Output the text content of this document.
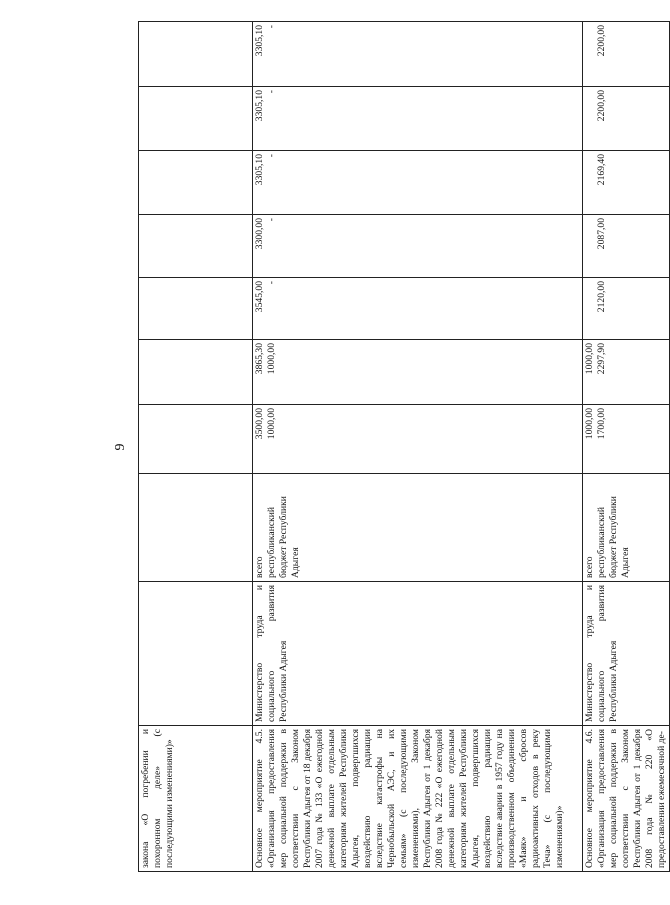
9
закона «О погребении и похоронном деле» (с последующими изменениями)»			

Основное мероприятие 4.5. «Организация предоставления мер социальной поддержки в соответствии с Законом Республики Адыгея от 18 декабря 2007 года № 133 «О ежегодной денежной выплате отдельным категориям жителей Республики Адыгея, подвергшихся воздействию радиации вследствие катастрофы на Чернобыльской АЭС, и их семьям» (с последующими изменениями), Законом Республики Адыгея от 1 декабря 2008 года № 222 «О ежегодной денежной выплате отдельным категориям жителей Республики Адыгея, подвергшихся воздействию радиации вследствие аварии в 1957 году на производственном объединении «Маяк» и сбросов радиоактивных отходов в реку Теча» (с последующими изменениями)»	Министерство труда и социального развития Республики Адыгея	всего республиканский бюджет Республики Адыгея	3500,00 1000,00	3865,30 1000,00	3545,00 -	3300,00 -	3305,10 -	3305,10 -	3305,10 -

Основное мероприятие 4.6. «Организация предоставления мер социальной поддержки в соответствии с Законом Республики Адыгея от 1 декабря 2008 года № 220 «О предоставлении ежемесячной де-	Министерство труда и социального развития Республики Адыгея	всего республиканский бюджет Республики Адыгея	1000,00 1700,00	1000,00 2297,90	2120,00	2087,00	2169,40	2200,00	2200,00
